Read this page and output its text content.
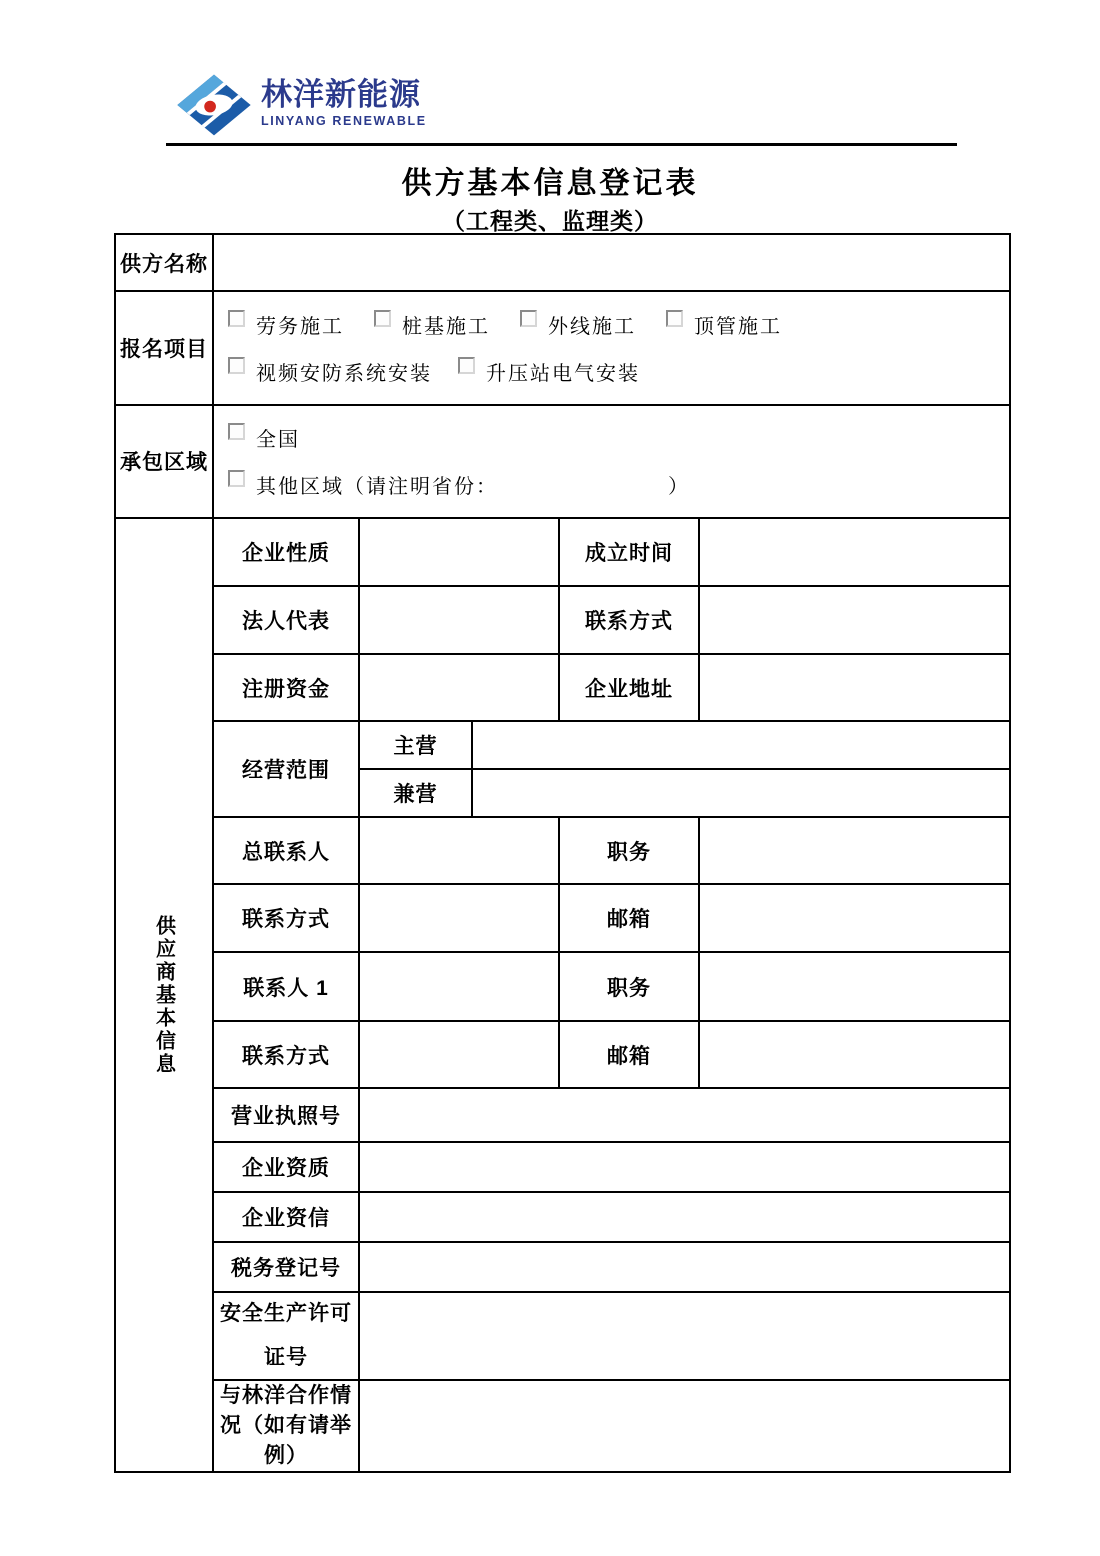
林洋新能源
LINYANG RENEWABLE
供方基本信息登记表
（工程类、监理类）
供方名称
报名项目
劳务施工	桩基施工	外线施工	顶管施工
视频安防系统安装	升压站电气安装
承包区域
全国
其他区域（请注明省份：	）
供应商基本信息
企业性质	成立时间
法人代表	联系方式
注册资金	企业地址
经营范围
主营
兼营
总联系人	职务
联系方式	邮箱
联系人 1	职务
联系方式	邮箱
营业执照号
企业资质
企业资信
税务登记号
安全生产许可证号
与林洋合作情况（如有请举例）
